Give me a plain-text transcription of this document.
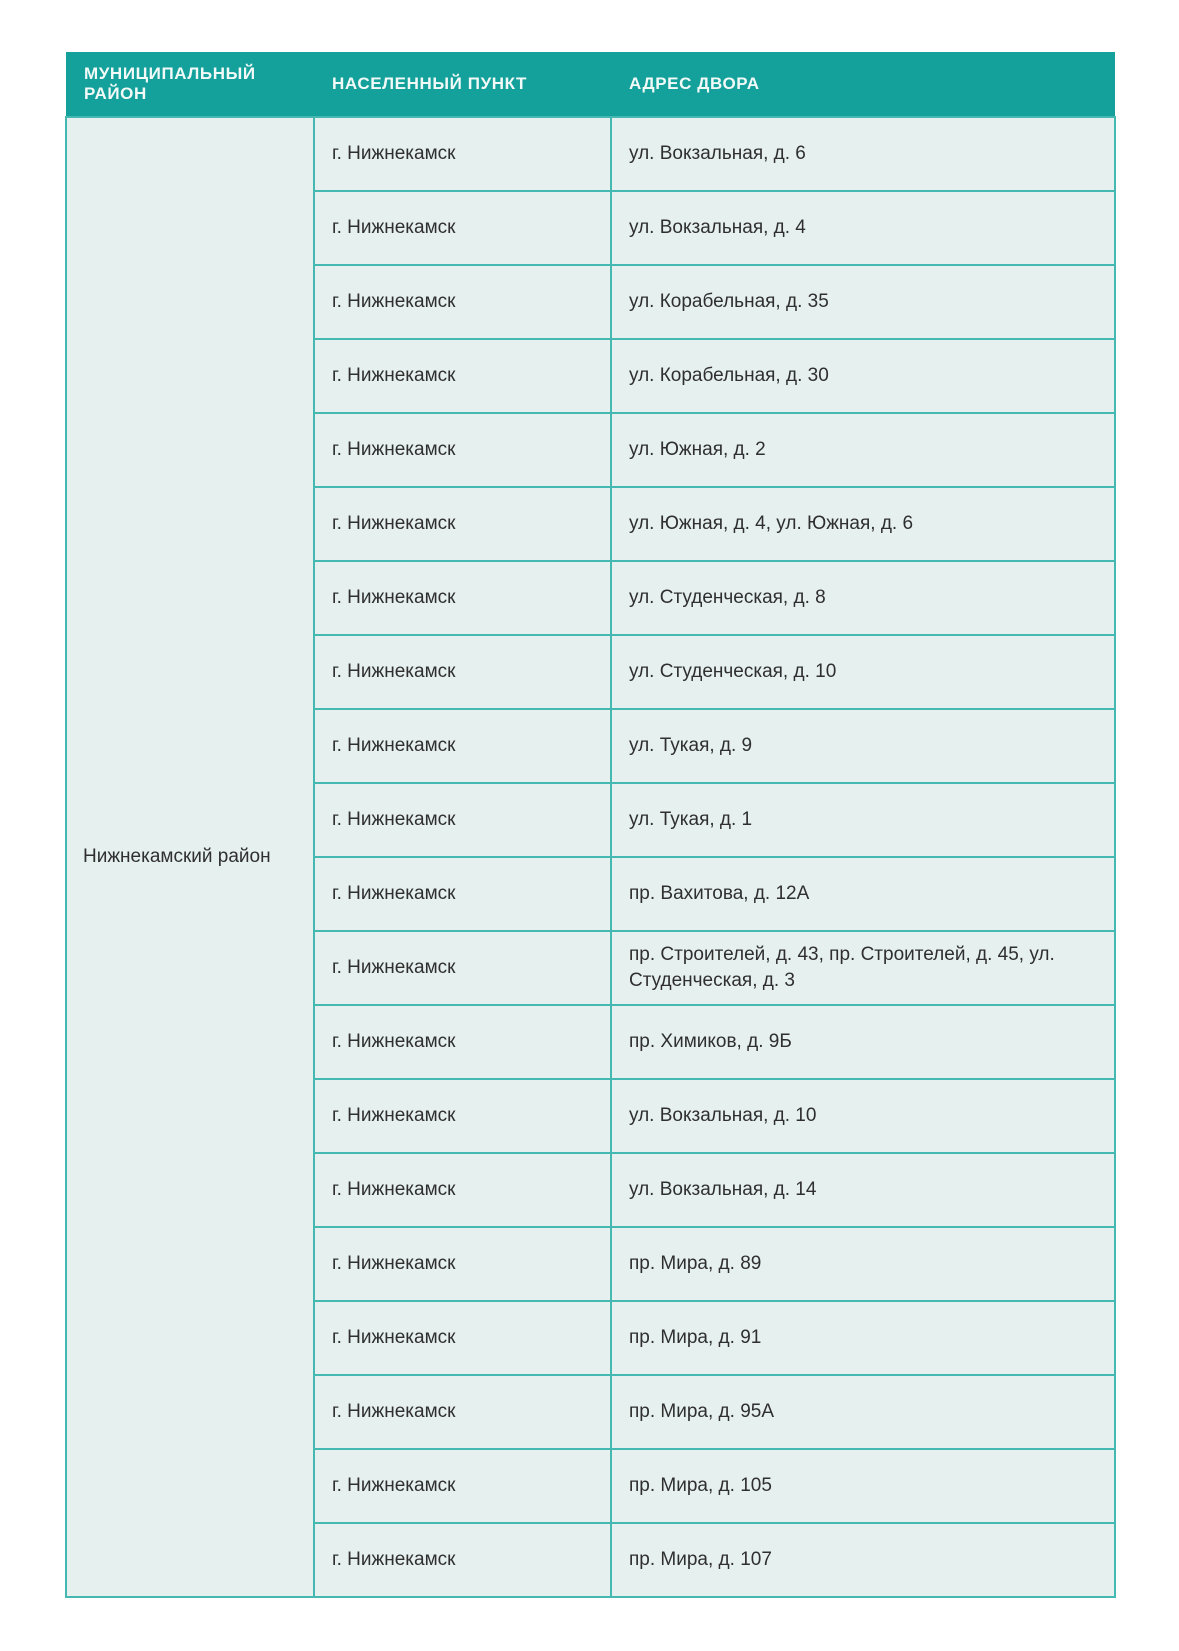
МУНИЦИПАЛЬНЫЙ РАЙОН	НАСЕЛЕННЫЙ ПУНКТ	АДРЕС ДВОРА
Нижнекамский район	г. Нижнекамск	ул. Вокзальная, д. 6
	г. Нижнекамск	ул. Вокзальная, д. 4
	г. Нижнекамск	ул. Корабельная, д. 35
	г. Нижнекамск	ул. Корабельная, д. 30
	г. Нижнекамск	ул. Южная, д. 2
	г. Нижнекамск	ул. Южная, д. 4, ул. Южная, д. 6
	г. Нижнекамск	ул. Студенческая, д. 8
	г. Нижнекамск	ул. Студенческая, д. 10
	г. Нижнекамск	ул. Тукая, д. 9
	г. Нижнекамск	ул. Тукая, д. 1
	г. Нижнекамск	пр. Вахитова, д. 12А
	г. Нижнекамск	пр. Строителей, д. 43, пр. Строителей, д. 45, ул. Студенческая, д. 3
	г. Нижнекамск	пр. Химиков, д. 9Б
	г. Нижнекамск	ул. Вокзальная, д. 10
	г. Нижнекамск	ул. Вокзальная, д. 14
	г. Нижнекамск	пр. Мира, д. 89
	г. Нижнекамск	пр. Мира, д. 91
	г. Нижнекамск	пр. Мира, д. 95А
	г. Нижнекамск	пр. Мира, д. 105
	г. Нижнекамск	пр. Мира, д. 107
